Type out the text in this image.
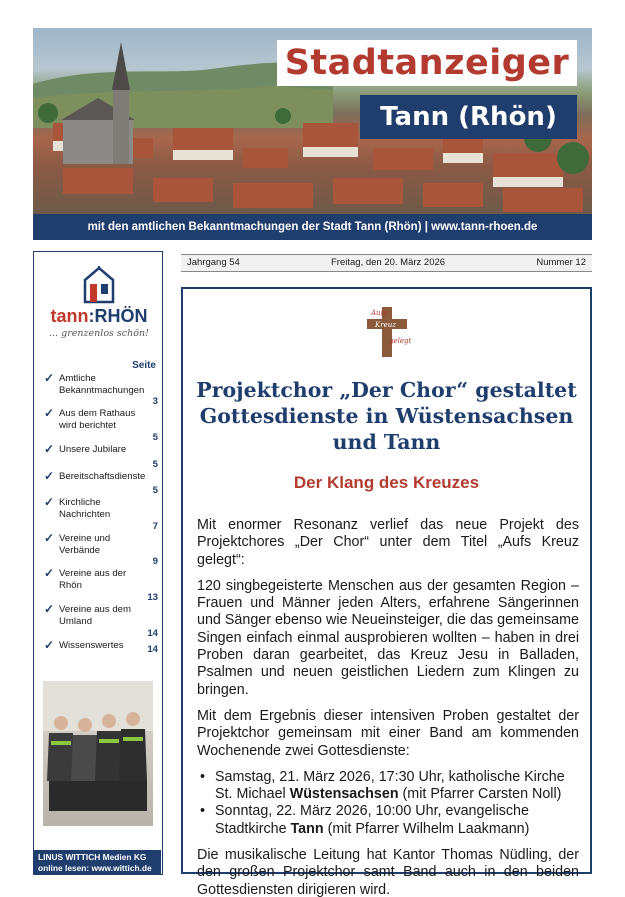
Stadtanzeiger
Tann (Rhön)
mit den amtlichen Bekanntmachungen der Stadt Tann (Rhön) | www.tann-rhoen.de
tann:RHÖN
... grenzenlos schön!
Seite
✓ Amtliche Bekanntmachungen
3
✓ Aus dem Rathaus wird berichtet
5
✓ Unsere Jubilare
5
✓ Bereitschaftsdienste
5
✓ Kirchliche Nachrichten
7
✓ Vereine und Verbände
9
✓ Vereine aus der Rhön
13
✓ Vereine aus dem Umland
14
✓ Wissenswertes 14
LINUS WITTICH Medien KG
online lesen: www.wittich.de
Jahrgang 54	Freitag, den 20. März 2026	Nummer 12
Aufs
Kreuz
gelegt
Projektchor „Der Chor“ gestaltet Gottesdienste in Wüstensachsen und Tann
Der Klang des Kreuzes

Mit enormer Resonanz verlief das neue Projekt des Projektchores „Der Chor“ unter dem Titel „Aufs Kreuz gelegt“:

120 singbegeisterte Menschen aus der gesamten Region – Frauen und Männer jeden Alters, erfahrene Sängerinnen und Sänger ebenso wie Neueinsteiger, die das gemeinsame Singen einfach einmal ausprobieren wollten – haben in drei Proben daran gearbeitet, das Kreuz Jesu in Balladen, Psalmen und neuen geistlichen Liedern zum Klingen zu bringen.

Mit dem Ergebnis dieser intensiven Proben gestaltet der Projektchor gemeinsam mit einer Band am kommenden Wochenende zwei Gottesdienste:

• Samstag, 21. März 2026, 17:30 Uhr, katholische Kirche St. Michael Wüstensachsen (mit Pfarrer Carsten Noll)
• Sonntag, 22. März 2026, 10:00 Uhr, evangelische Stadtkirche Tann (mit Pfarrer Wilhelm Laakmann)

Die musikalische Leitung hat Kantor Thomas Nüdling, der den großen Projektchor samt Band auch in den beiden Gottesdiensten dirigieren wird.
